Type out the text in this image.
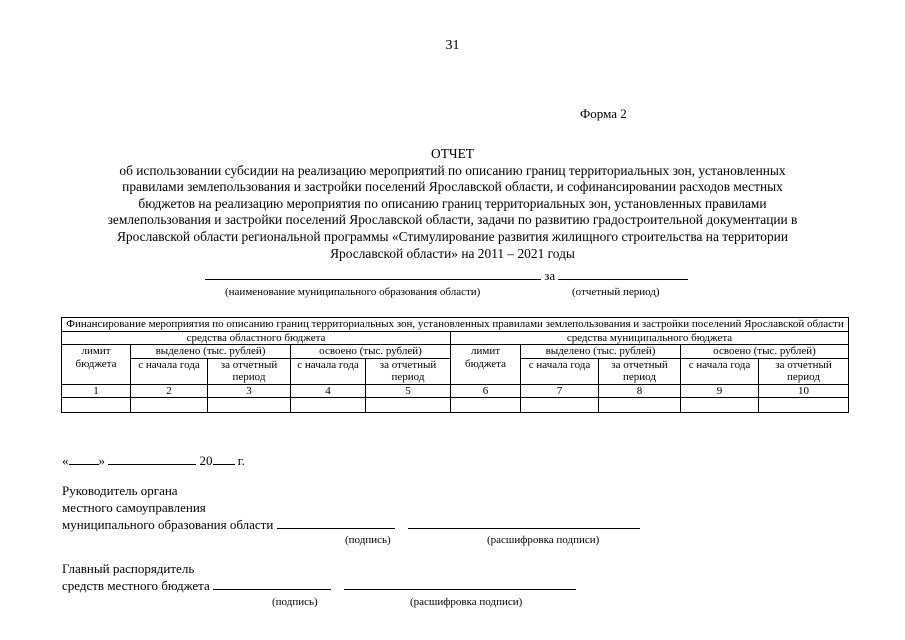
31
Форма 2
ОТЧЕТ
об использовании субсидии на реализацию мероприятий по описанию границ территориальных зон, установленных
правилами землепользования и застройки поселений Ярославской области, и софинансировании расходов местных
бюджетов на реализацию мероприятия по описанию границ территориальных зон, установленных правилами
землепользования и застройки поселений Ярославской области, задачи по развитию градостроительной документации в
Ярославской области региональной программы «Стимулирование развития жилищного строительства на территории
Ярославской области» на 2011 – 2021 годы
за
(наименование муниципального образования области)	(отчетный период)
Финансирование мероприятия по описанию границ территориальных зон, установленных правилами землепользования и застройки поселений Ярославской области									
средства областного бюджета					средства муниципального бюджета				
лимит бюджета	выделено (тыс. рублей)		освоено (тыс. рублей)		лимит бюджета	выделено (тыс. рублей)		освоено (тыс. рублей)	
	с начала года	за отчетный период	с начала года	за отчетный период		с начала года	за отчетный период	с начала года	за отчетный период
1	2	3	4	5	6	7	8	9	10

« »	20 г.
Руководитель органа
местного самоуправления
муниципального образования области
(подпись)	(расшифровка подписи)
Главный распорядитель
средств местного бюджета
(подпись)	(расшифровка подписи)
